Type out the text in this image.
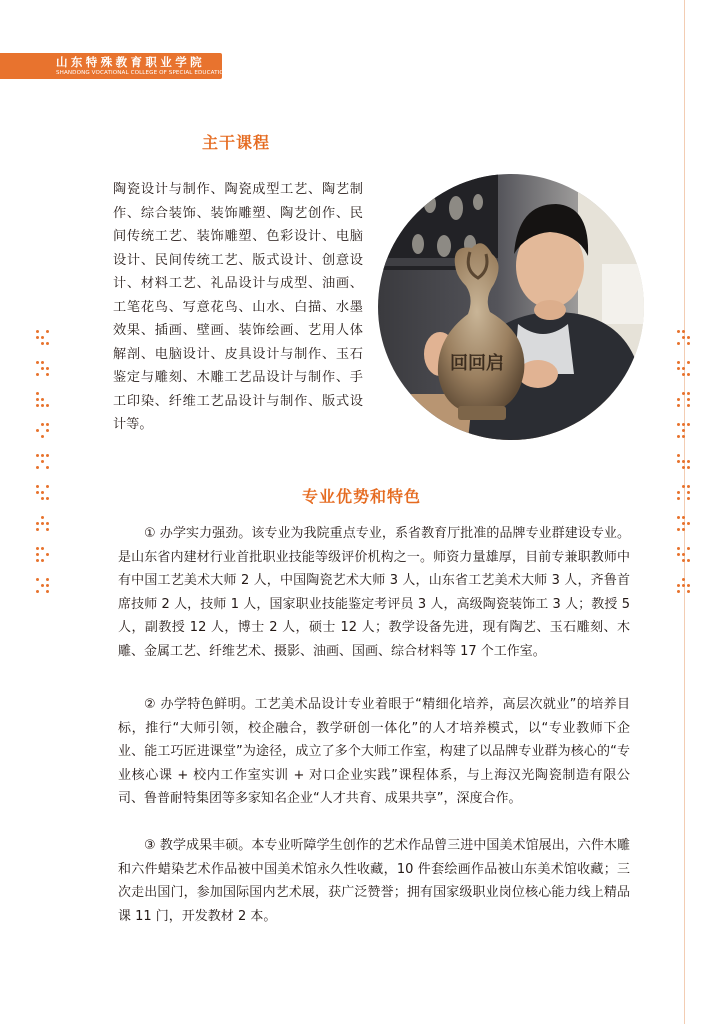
山东特殊教育职业学院
SHANDONG VOCATIONAL COLLEGE OF SPECIAL EDUCATION
主干课程

陶瓷设计与制作、陶瓷成型工艺、陶艺制作、综合装饰、装饰雕塑、陶艺创作、民间传统工艺、装饰雕塑、色彩设计、电脑设计、民间传统工艺、版式设计、创意设计、材料工艺、礼品设计与成型、油画、工笔花鸟、写意花鸟、山水、白描、水墨效果、插画、壁画、装饰绘画、艺用人体解剖、电脑设计、皮具设计与制作、玉石鉴定与雕刻、木雕工艺品设计与制作、手工印染、纤维工艺品设计与制作、版式设计等。

回回启
专业优势和特色

① 办学实力强劲。该专业为我院重点专业，系省教育厅批准的品牌专业群建设专业。是山东省内建材行业首批职业技能等级评价机构之一。师资力量雄厚，目前专兼职教师中有中国工艺美术大师 2 人，中国陶瓷艺术大师 3 人，山东省工艺美术大师 3 人，齐鲁首席技师 2 人，技师 1 人，国家职业技能鉴定考评员 3 人，高级陶瓷装饰工 3 人；教授 5 人，副教授 12 人，博士 2 人，硕士 12 人；教学设备先进，现有陶艺、玉石雕刻、木雕、金属工艺、纤维艺术、摄影、油画、国画、综合材料等 17 个工作室。

② 办学特色鲜明。工艺美术品设计专业着眼于“精细化培养，高层次就业”的培养目标，推行“大师引领，校企融合，教学研创一体化”的人才培养模式，以“专业教师下企业、能工巧匠进课堂”为途径，成立了多个大师工作室，构建了以品牌专业群为核心的“专业核心课 + 校内工作室实训 + 对口企业实践”课程体系，与上海汉光陶瓷制造有限公司、鲁普耐特集团等多家知名企业“人才共育、成果共享”，深度合作。

③ 教学成果丰硕。本专业听障学生创作的艺术作品曾三进中国美术馆展出，六件木雕和六件蜡染艺术作品被中国美术馆永久性收藏，10 件套绘画作品被山东美术馆收藏；三次走出国门，参加国际国内艺术展，获广泛赞誉；拥有国家级职业岗位核心能力线上精品课 11 门，开发教材 2 本。
